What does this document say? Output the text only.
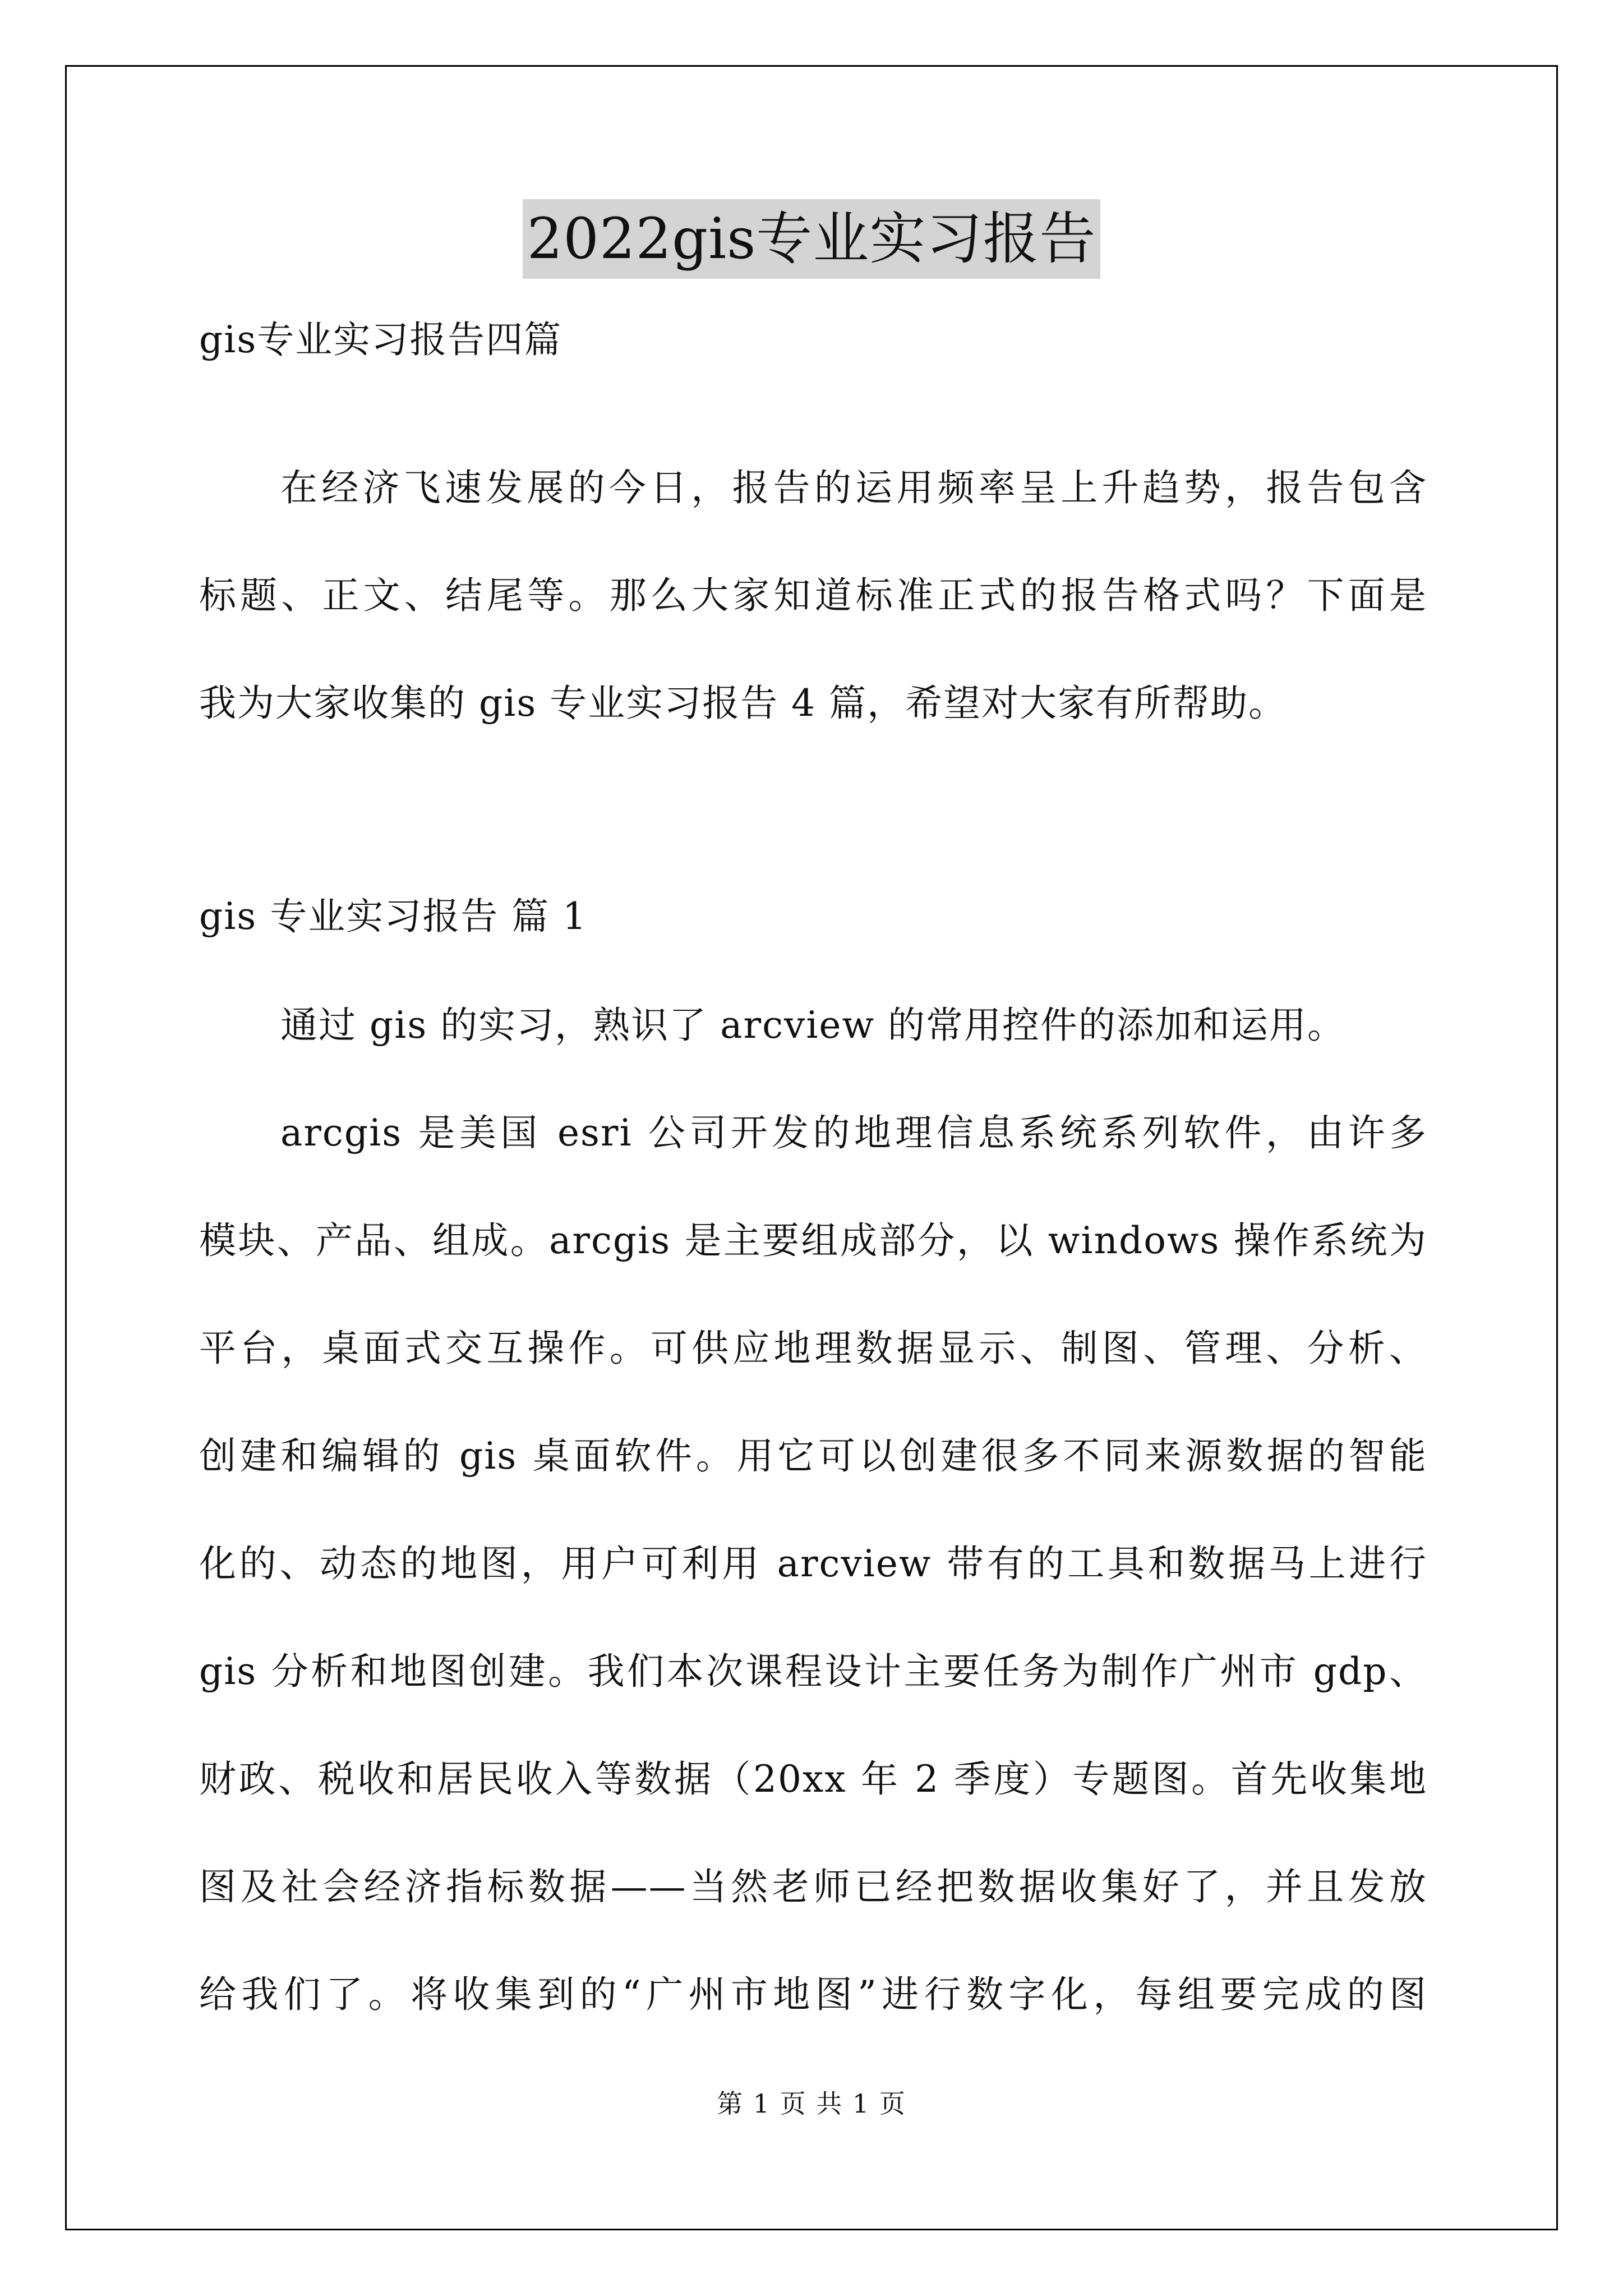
2022gis专业实习报告
gis专业实习报告四篇
在经济飞速发展的今日，报告的运用频率呈上升趋势，报告包含
标题、正文、结尾等。那么大家知道标准正式的报告格式吗？下面是
我为大家收集的 gis 专业实习报告 4 篇，希望对大家有所帮助。
gis 专业实习报告 篇 1
通过 gis 的实习，熟识了 arcview 的常用控件的添加和运用。
arcgis 是美国 esri 公司开发的地理信息系统系列软件，由许多
模块、产品、组成。arcgis 是主要组成部分，以 windows 操作系统为
平台，桌面式交互操作。可供应地理数据显示、制图、管理、分析、
创建和编辑的 gis 桌面软件。用它可以创建很多不同来源数据的智能
化的、动态的地图，用户可利用 arcview 带有的工具和数据马上进行
gis 分析和地图创建。我们本次课程设计主要任务为制作广州市 gdp、
财政、税收和居民收入等数据（20xx 年 2 季度）专题图。首先收集地
图及社会经济指标数据——当然老师已经把数据收集好了，并且发放
给我们了。将收集到的“广州市地图”进行数字化，每组要完成的图
第 1 页 共 1 页
